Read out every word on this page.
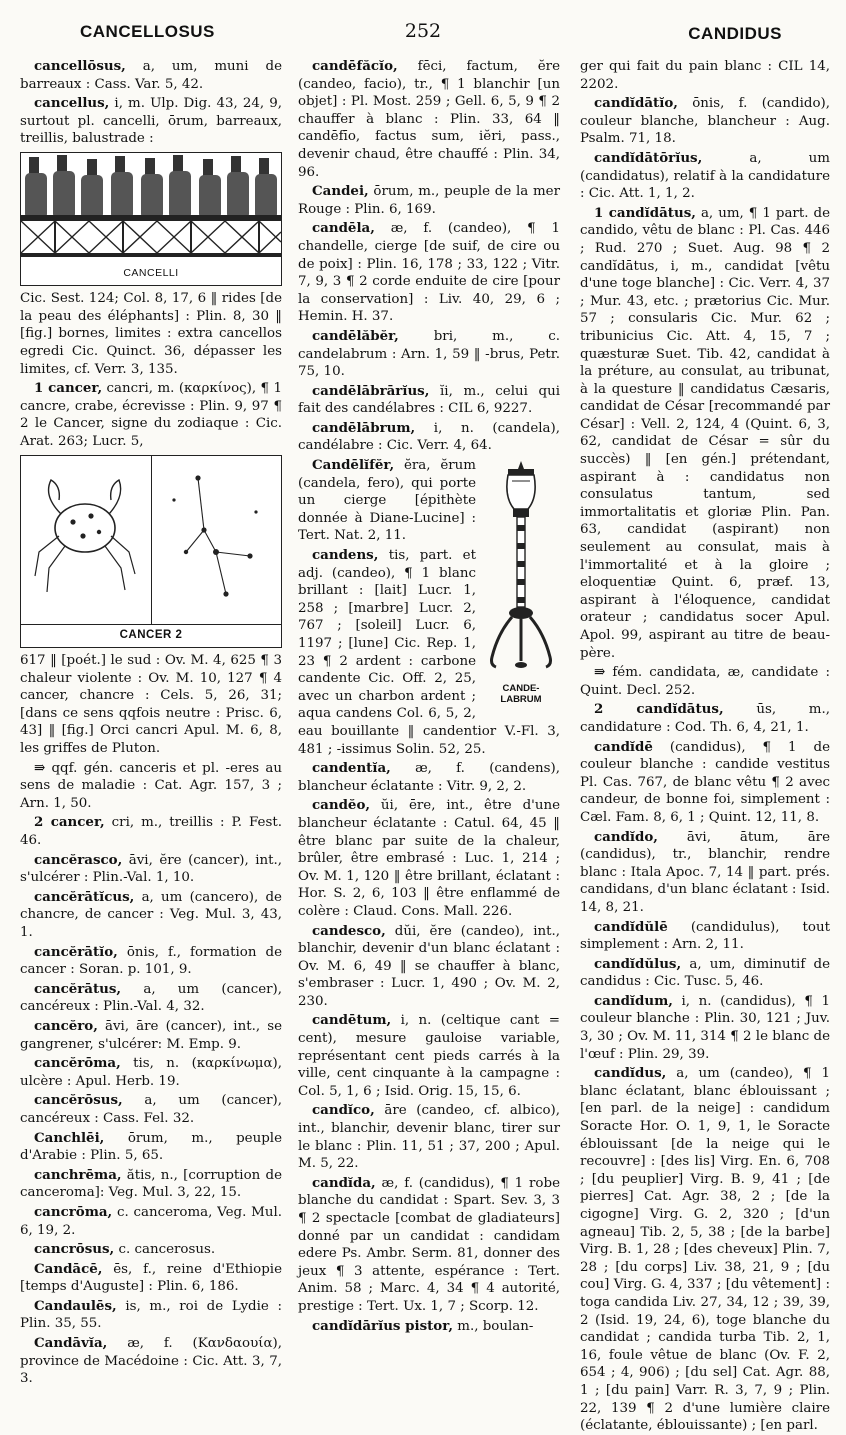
CANCELLOSUS	252	CANDIDUS

cancellōsus, a, um, muni de barreaux : Cass. Var. 5, 42.

cancellus, i, m. Ulp. Dig. 43, 24, 9, surtout pl. cancelli, ōrum, barreaux, treillis, balustrade :

CANCELLI

Cic. Sest. 124; Col. 8, 17, 6 ‖ rides [de la peau des éléphants] : Plin. 8, 30 ‖ [fig.] bornes, limites : extra cancellos egredi Cic. Quinct. 36, dépasser les limites, cf. Verr. 3, 135.

1 cancer, cancri, m. (καρκίνος), ¶ 1 cancre, crabe, écrevisse : Plin. 9, 97 ¶ 2 le Cancer, signe du zodiaque : Cic. Arat. 263; Lucr. 5,

CANCER 2

617 ‖ [poét.] le sud : Ov. M. 4, 625 ¶ 3 chaleur violente : Ov. M. 10, 127 ¶ 4 cancer, chancre : Cels. 5, 26, 31; [dans ce sens qqfois neutre : Prisc. 6, 43] ‖ [fig.] Orci cancri Apul. M. 6, 8, les griffes de Pluton.

⇛ qqf. gén. canceris et pl. -eres au sens de maladie : Cat. Agr. 157, 3 ; Arn. 1, 50.

2 cancer, cri, m., treillis : P. Fest. 46.

cancĕrasco, āvi, ĕre (cancer), int., s'ulcérer : Plin.-Val. 1, 10.

cancĕrātĭcus, a, um (cancero), de chancre, de cancer : Veg. Mul. 3, 43, 1.

cancĕrātĭo, ōnis, f., formation de cancer : Soran. p. 101, 9.

cancĕrātus, a, um (cancer), cancéreux : Plin.-Val. 4, 32.

cancĕro, āvi, āre (cancer), int., se gangrener, s'ulcérer: M. Emp. 9.

cancĕrōma, tis, n. (καρκίνωμα), ulcère : Apul. Herb. 19.

cancĕrōsus, a, um (cancer), cancéreux : Cass. Fel. 32.

Canchlēi, ōrum, m., peuple d'Arabie : Plin. 5, 65.

canchrēma, ătis, n., [corruption de canceroma]: Veg. Mul. 3, 22, 15.

cancrōma, c. canceroma, Veg. Mul. 6, 19, 2.

cancrōsus, c. cancerosus.

Candācē, ēs, f., reine d'Ethiopie [temps d'Auguste] : Plin. 6, 186.

Candaulēs, is, m., roi de Lydie : Plin. 35, 55.

Candāvĭa, æ, f. (Κανδαουία), province de Macédoine : Cic. Att. 3, 7, 3.

candēfăcĭo, fēci, factum, ĕre (candeo, facio), tr., ¶ 1 blanchir [un objet] : Pl. Most. 259 ; Gell. 6, 5, 9 ¶ 2 chauffer à blanc : Plin. 33, 64 ‖ candēfīo, factus sum, iĕri, pass., devenir chaud, être chauffé : Plin. 34, 96.

Candei, ōrum, m., peuple de la mer Rouge : Plin. 6, 169.

candēla, æ, f. (candeo), ¶ 1 chandelle, cierge [de suif, de cire ou de poix] : Plin. 16, 178 ; 33, 122 ; Vitr. 7, 9, 3 ¶ 2 corde enduite de cire [pour la conservation] : Liv. 40, 29, 6 ; Hemin. H. 37.

candēlăbĕr, bri, m., c. candelabrum : Arn. 1, 59 ‖ -brus, Petr. 75, 10.

candēlābrārĭus, ĭi, m., celui qui fait des candélabres : CIL 6, 9227.

candēlābrum, i, n. (candela), candélabre : Cic. Verr. 4, 64.

CANDE-
LABRUM

Candēlĭfĕr, ĕra, ĕrum (candela, fero), qui porte un cierge [épithète donnée à Diane-Lucine] : Tert. Nat. 2, 11.

candens, tis, part. et adj. (candeo), ¶ 1 blanc brillant : [lait] Lucr. 1, 258 ; [marbre] Lucr. 2, 767 ; [soleil] Lucr. 6, 1197 ; [lune] Cic. Rep. 1, 23 ¶ 2 ardent : carbone candente Cic. Off. 2, 25, avec un charbon ardent ; aqua candens Col. 6, 5, 2, eau bouillante ‖ candentior V.-Fl. 3, 481 ; -issimus Solin. 52, 25.

candentĭa, æ, f. (candens), blancheur éclatante : Vitr. 9, 2, 2.

candĕo, ŭi, ēre, int., être d'une blancheur éclatante : Catul. 64, 45 ‖ être blanc par suite de la chaleur, brûler, être embrasé : Luc. 1, 214 ; Ov. M. 1, 120 ‖ être brillant, éclatant : Hor. S. 2, 6, 103 ‖ être enflammé de colère : Claud. Cons. Mall. 226.

candesco, dŭi, ĕre (candeo), int., blanchir, devenir d'un blanc éclatant : Ov. M. 6, 49 ‖ se chauffer à blanc, s'embraser : Lucr. 1, 490 ; Ov. M. 2, 230.

candētum, i, n. (celtique cant = cent), mesure gauloise variable, représentant cent pieds carrés à la ville, cent cinquante à la campagne : Col. 5, 1, 6 ; Isid. Orig. 15, 15, 6.

candĭco, āre (candeo, cf. albico), int., blanchir, devenir blanc, tirer sur le blanc : Plin. 11, 51 ; 37, 200 ; Apul. M. 5, 22.

candĭda, æ, f. (candidus), ¶ 1 robe blanche du candidat : Spart. Sev. 3, 3 ¶ 2 spectacle [combat de gladiateurs] donné par un candidat : candidam edere Ps. Ambr. Serm. 81, donner des jeux ¶ 3 attente, espérance : Tert. Anim. 58 ; Marc. 4, 34 ¶ 4 autorité, prestige : Tert. Ux. 1, 7 ; Scorp. 12.

candĭdārĭus pistor, m., boulan-

ger qui fait du pain blanc : CIL 14, 2202.

candĭdātĭo, ōnis, f. (candido), couleur blanche, blancheur : Aug. Psalm. 71, 18.

candĭdātōrĭus, a, um (candidatus), relatif à la candidature : Cic. Att. 1, 1, 2.

1 candĭdātus, a, um, ¶ 1 part. de candido, vêtu de blanc : Pl. Cas. 446 ; Rud. 270 ; Suet. Aug. 98 ¶ 2 candĭdātus, i, m., candidat [vêtu d'une toge blanche] : Cic. Verr. 4, 37 ; Mur. 43, etc. ; prætorius Cic. Mur. 57 ; consularis Cic. Mur. 62 ; tribunicius Cic. Att. 4, 15, 7 ; quæsturæ Suet. Tib. 42, candidat à la préture, au consulat, au tribunat, à la questure ‖ candidatus Cæsaris, candidat de César [recommandé par César] : Vell. 2, 124, 4 (Quint. 6, 3, 62, candidat de César = sûr du succès) ‖ [en gén.] prétendant, aspirant à : candidatus non consulatus tantum, sed immortalitatis et gloriæ Plin. Pan. 63, candidat (aspirant) non seulement au consulat, mais à l'immortalité et à la gloire ; eloquentiæ Quint. 6, præf. 13, aspirant à l'éloquence, candidat orateur ; candidatus socer Apul. Apol. 99, aspirant au titre de beau-père.

⇛ fém. candidata, æ, candidate : Quint. Decl. 252.

2 candĭdātus, ūs, m., candidature : Cod. Th. 6, 4, 21, 1.

candĭdē (candidus), ¶ 1 de couleur blanche : candide vestitus Pl. Cas. 767, de blanc vêtu ¶ 2 avec candeur, de bonne foi, simplement : Cæl. Fam. 8, 6, 1 ; Quint. 12, 11, 8.

candĭdo, āvi, ātum, āre (candidus), tr., blanchir, rendre blanc : Itala Apoc. 7, 14 ‖ part. prés. candidans, d'un blanc éclatant : Isid. 14, 8, 21.

candĭdŭlē (candidulus), tout simplement : Arn. 2, 11.

candĭdŭlus, a, um, diminutif de candidus : Cic. Tusc. 5, 46.

candĭdum, i, n. (candidus), ¶ 1 couleur blanche : Plin. 30, 121 ; Juv. 3, 30 ; Ov. M. 11, 314 ¶ 2 le blanc de l'œuf : Plin. 29, 39.

candĭdus, a, um (candeo), ¶ 1 blanc éclatant, blanc éblouissant ; [en parl. de la neige] : candidum Soracte Hor. O. 1, 9, 1, le Soracte éblouissant [de la neige qui le recouvre] : [des lis] Virg. En. 6, 708 ; [du peuplier] Virg. B. 9, 41 ; [de pierres] Cat. Agr. 38, 2 ; [de la cigogne] Virg. G. 2, 320 ; [d'un agneau] Tib. 2, 5, 38 ; [de la barbe] Virg. B. 1, 28 ; [des cheveux] Plin. 7, 28 ; [du corps] Liv. 38, 21, 9 ; [du cou] Virg. G. 4, 337 ; [du vêtement] : toga candida Liv. 27, 34, 12 ; 39, 39, 2 (Isid. 19, 24, 6), toge blanche du candidat ; candida turba Tib. 2, 1, 16, foule vêtue de blanc (Ov. F. 2, 654 ; 4, 906) ; [du sel] Cat. Agr. 88, 1 ; [du pain] Varr. R. 3, 7, 9 ; Plin. 22, 139 ¶ 2 d'une lumière claire (éclatante, éblouissante) ; [en parl.
